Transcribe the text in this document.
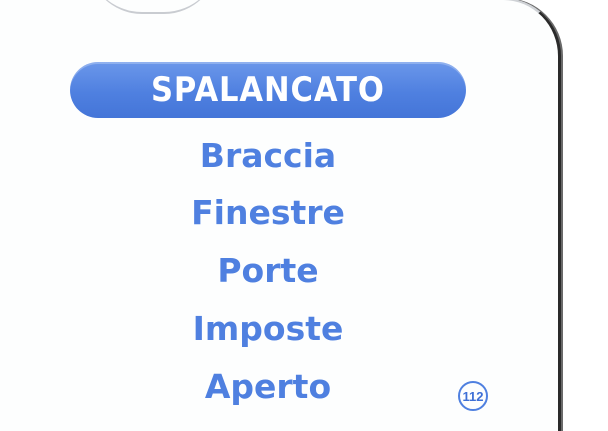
SPALANCATO
Braccia
Finestre
Porte
Imposte
Aperto	112
